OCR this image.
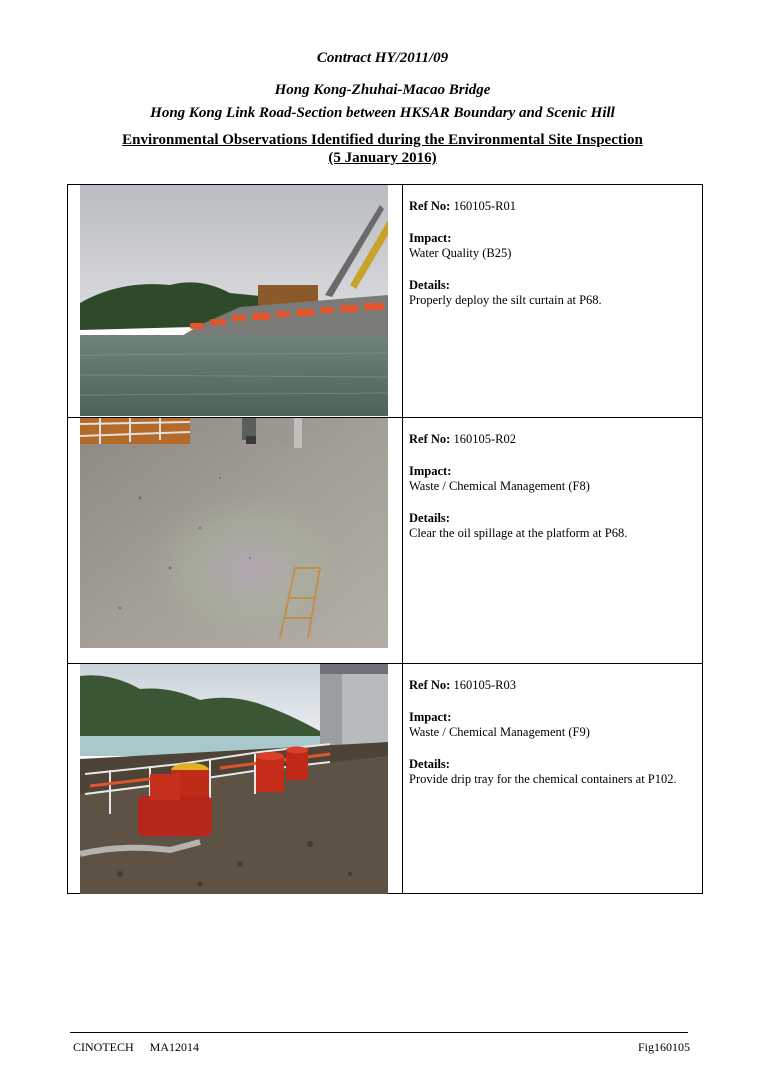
Contract HY/2011/09
Hong Kong-Zhuhai-Macao Bridge
Hong Kong Link Road-Section between HKSAR Boundary and Scenic Hill
Environmental Observations Identified during the Environmental Site Inspection
(5 January 2016)

Ref No: 160105-R01

Impact:
Water Quality (B25)

Details:
Properly deploy the silt curtain at P68.

Ref No: 160105-R02

Impact:
Waste / Chemical Management (F8)

Details:
Clear the oil spillage at the platform at P68.

Ref No: 160105-R03

Impact:
Waste / Chemical Management (F9)

Details:
Provide drip tray for the chemical containers at P102.

CINOTECH MA12014	Fig160105
